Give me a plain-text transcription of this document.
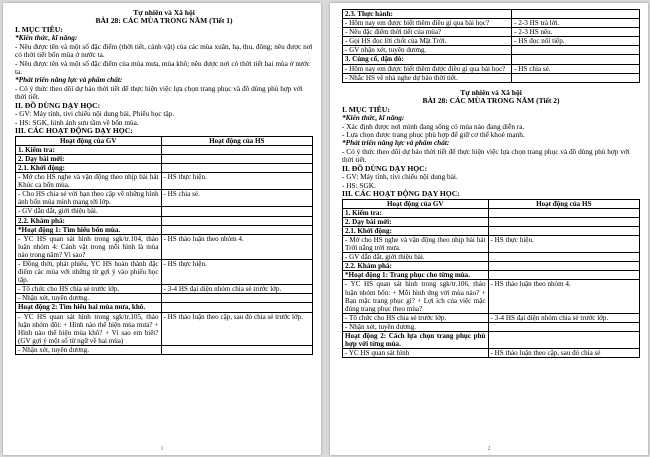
Tự nhiên và Xã hội
BÀI 28: CÁC MÙA TRONG NĂM (Tiết 1)
I. MỤC TIÊU:
*Kiến thức, kĩ năng:
- Nêu được tên và một số đặc điểm (thời tiết, cảnh vật) của các mùa xuân, hạ, thu, đông; nêu được nơi có thời tiết bốn mùa ở nước ta.
- Nêu được tên và một số đặc điểm của mùa mưa, mùa khô; nêu được nơi có thời tiết hai mùa ở nước ta.
*Phát triển năng lực và phẩm chất:
- Có ý thức theo dõi dự báo thời tiết để thực hiện việc lựa chọn trang phục và đồ dùng phù hợp với thời tiết.
II. ĐỒ DÙNG DẠY HỌC:
- GV: Máy tính, tivi chiếu nội dung bài, Phiếu học tập.
- HS: SGK, hình ảnh sưu tầm về bốn mùa.
III. CÁC HOẠT ĐỘNG DẠY HỌC:
Hoạt động của GV	Hoạt động của HS
1. Kiểm tra:	
2. Dạy bài mới:	
2.1. Khởi động:	
- Mở cho HS nghe và vận động theo nhịp bài hát Khúc ca bốn mùa.	- HS thực hiện.
- Cho HS chia sẻ với bạn theo cặp về những hình ảnh bốn mùa mình mang tới lớp.	- HS chia sẻ.
- GV dẫn dắt, giới thiệu bài.	
2.2. Khám phá:	
*Hoạt động 1: Tìm hiểu bốn mùa.	
- YC HS quan sát hình trong sgk/tr.104, thảo luận nhóm 4: Cảnh vật trong mỗi hình là mùa nào trong năm? Vì sao?	- HS thảo luận theo nhóm 4.
- Đồng thời, phát phiếu, YC HS hoàn thành đặc điểm các mùa với những từ gợi ý vào phiếu học tập.	- HS thực hiện.
- Tổ chức cho HS chia sẻ trước lớp.	- 3-4 HS đại diện nhóm chia sẻ trước lớp.
- Nhận xét, tuyên dương.	
Hoạt động 2: Tìm hiểu hai mùa mưa, khô.	
- YC HS quan sát hình trong sgk/tr.105, thảo luận nhóm đôi: + Hình nào thể hiện mùa mưa? + Hình nào thể hiện mùa khô? + Vì sao em biết? (GV gợi ý một số từ ngữ về hai mùa)	- HS thảo luận theo cặp, sau đó chia sẻ trước lớp.
- Nhận xét, tuyên dương.	
1
2.3. Thực hành:	
- Hôm nay em được biết thêm điều gì qua bài học?	- 2-3 HS trả lời.
- Nêu đặc điểm thời tiết của mùa?	- 2-3 HS nêu.
- Gọi HS đọc lời chốt của Mặt Trời.	- HS đọc nối tiếp.
- GV nhận xét, tuyên dương.	
3. Củng cố, dặn dò:	
- Hôm nay em được biết thêm được điều gì qua bài học?	- HS chia sẻ.
- Nhắc HS về nhà nghe dự báo thời tiết.	
Tự nhiên và Xã hội
BÀI 28: CÁC MÙA TRONG NĂM (Tiết 2)
I. MỤC TIÊU:
*Kiến thức, kĩ năng:
- Xác định được nơi mình đang sống có mùa nào đang diễn ra.
- Lựa chọn được trang phục phù hợp để giữ cơ thể khoẻ mạnh.
*Phát triển năng lực và phẩm chất:
- Có ý thức theo dõi dự báo thời tiết để thực hiện việc lựa chọn trang phục và đồ dùng phù hợp với thời tiết.
II. ĐỒ DÙNG DẠY HỌC:
- GV: Máy tính, tivi chiếu nội dung bài.
- HS: SGK.
III. CÁC HOẠT ĐỘNG DẠY HỌC:
Hoạt động của GV	Hoạt động của HS
1. Kiểm tra:	
2. Dạy bài mới:	
2.1. Khởi động:	
- Mở cho HS nghe và vận động theo nhịp bài hát Trời nắng trời mưa.	- HS thực hiện.
- GV dẫn dắt, giới thiệu bài.	
2.2. Khám phá:	
*Hoạt động 1: Trang phục cho từng mùa.	
- YC HS quan sát hình trong sgk/tr.106, thảo luận nhóm bốn: + Mỗi hình ứng với mùa nào? + Bạn mặc trang phục gì? + Lợi ích của việc mặc đúng trang phục theo mùa?	- HS thảo luận theo nhóm 4.
- Tổ chức cho HS chia sẻ trước lớp.	- 3-4 HS đại diện nhóm chia sẻ trước lớp.
- Nhận xét, tuyên dương.	
Hoạt động 2: Cách lựa chọn trang phục phù hợp với từng mùa.	
- YC HS quan sát hình	- HS thảo luận theo cặp, sau đó chia sẻ
2
